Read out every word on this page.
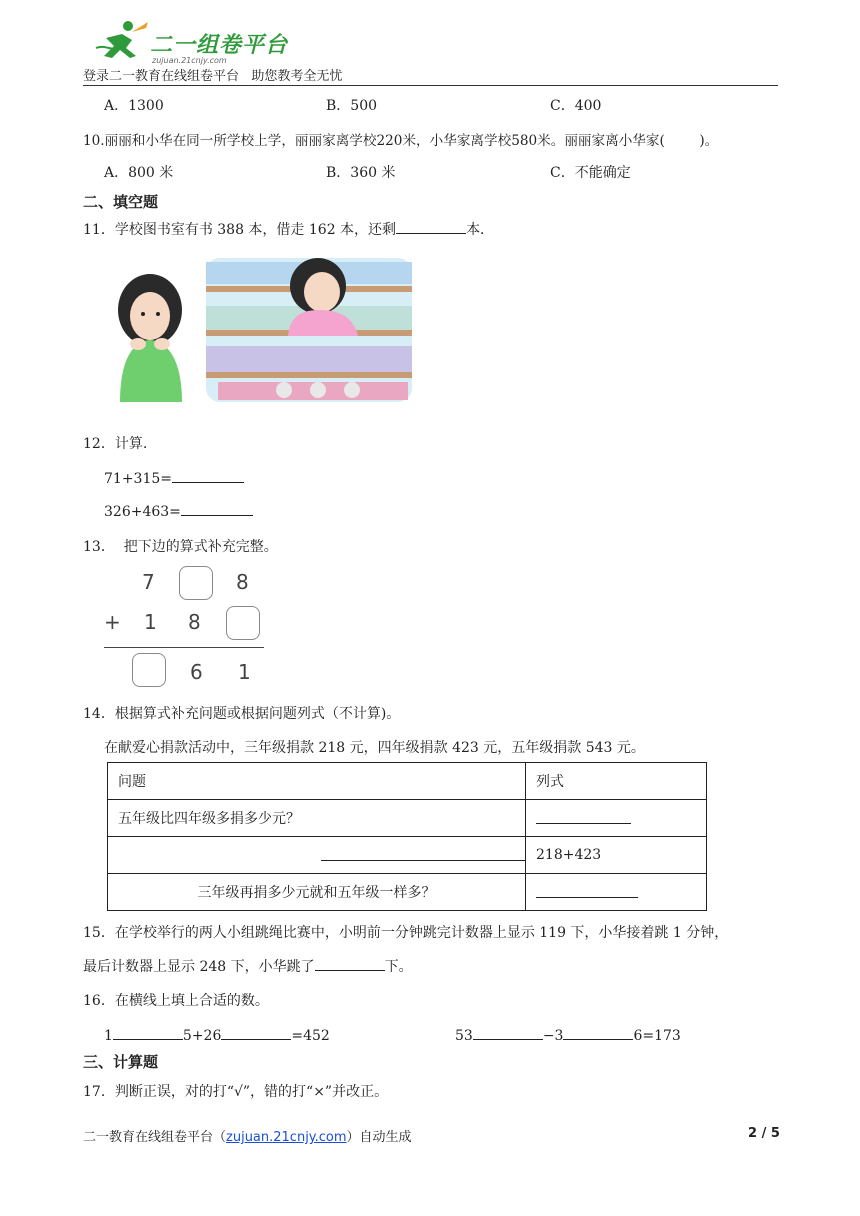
二一组卷平台
zujuan.21cnjy.com
登录二一教育在线组卷平台   助您教考全无忧
A．1300	B．500	C．400
10.丽丽和小华在同一所学校上学，丽丽家离学校220米，小华家离学校580米。丽丽家离小华家(        )。
A．800 米	B．360 米	C．不能确定
二、填空题
11．学校图书室有书 388 本，借走 162 本，还剩	本．
12．计算.
71+315=
326+463=
13．  把下边的算式补充完整。
7	8
+ 1 8
6 1
14．根据算式补充问题或根据问题列式（不计算)。
在献爱心捐款活动中，三年级捐款 218 元，四年级捐款 423 元，五年级捐款 543 元。
问题	列式
五年级比四年级多捐多少元？	
	218+423
三年级再捐多少元就和五年级一样多？	
15．在学校举行的两人小组跳绳比赛中，小明前一分钟跳完计数器上显示 119 下，小华接着跳 1 分钟，
最后计数器上显示 248 下，小华跳了	下。
16．在横线上填上合适的数。
1	5+26	=452	53	−3	6=173
三、计算题
17．判断正误，对的打“√”，错的打“×”并改正。
二一教育在线组卷平台（zujuan.21cnjy.com）自动生成	2 / 5
